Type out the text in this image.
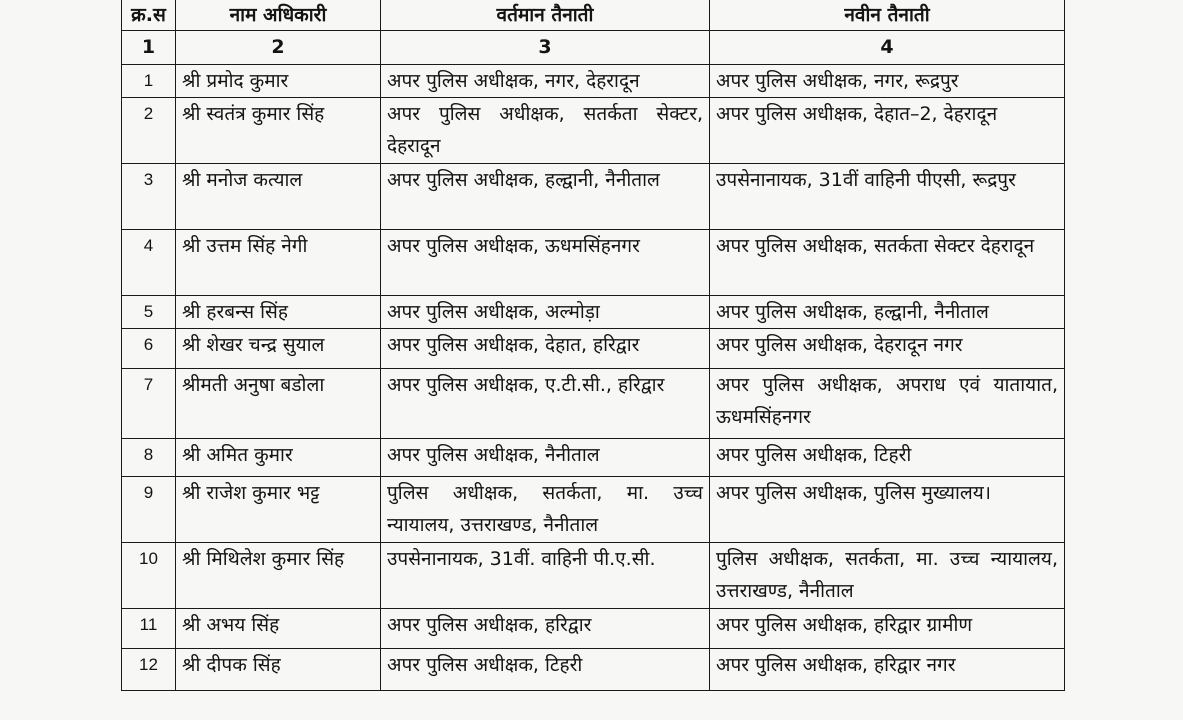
क्र.स	नाम अधिकारी	वर्तमान तैनाती	नवीन तैनाती
1	2	3	4
1	श्री प्रमोद कुमार	अपर पुलिस अधीक्षक, नगर, देहरादून	अपर पुलिस अधीक्षक, नगर, रूद्रपुर
2	श्री स्वतंत्र कुमार सिंह	अपर पुलिस अधीक्षक, सतर्कता सेक्टर, देहरादून	अपर पुलिस अधीक्षक, देहात–2, देहरादून
3	श्री मनोज कत्याल	अपर पुलिस अधीक्षक, हल्द्वानी, नैनीताल	उपसेनानायक, 31वीं वाहिनी पीएसी, रूद्रपुर
4	श्री उत्तम सिंह नेगी	अपर पुलिस अधीक्षक, ऊधमसिंहनगर	अपर पुलिस अधीक्षक, सतर्कता सेक्टर देहरादून
5	श्री हरबन्स सिंह	अपर पुलिस अधीक्षक, अल्मोड़ा	अपर पुलिस अधीक्षक, हल्द्वानी, नैनीताल
6	श्री शेखर चन्द्र सुयाल	अपर पुलिस अधीक्षक, देहात, हरिद्वार	अपर पुलिस अधीक्षक, देहरादून नगर
7	श्रीमती अनुषा बडोला	अपर पुलिस अधीक्षक, ए.टी.सी., हरिद्वार	अपर पुलिस अधीक्षक, अपराध एवं यातायात, ऊधमसिंहनगर
8	श्री अमित कुमार	अपर पुलिस अधीक्षक, नैनीताल	अपर पुलिस अधीक्षक, टिहरी
9	श्री राजेश कुमार भट्ट	पुलिस अधीक्षक, सतर्कता, मा. उच्च न्यायालय, उत्तराखण्ड, नैनीताल	अपर पुलिस अधीक्षक, पुलिस मुख्यालय।
10	श्री मिथिलेश कुमार सिंह	उपसेनानायक, 31वीं. वाहिनी पी.ए.सी.	पुलिस अधीक्षक, सतर्कता, मा. उच्च न्यायालय, उत्तराखण्ड, नैनीताल
11	श्री अभय सिंह	अपर पुलिस अधीक्षक, हरिद्वार	अपर पुलिस अधीक्षक, हरिद्वार ग्रामीण
12	श्री दीपक सिंह	अपर पुलिस अधीक्षक, टिहरी	अपर पुलिस अधीक्षक, हरिद्वार नगर
